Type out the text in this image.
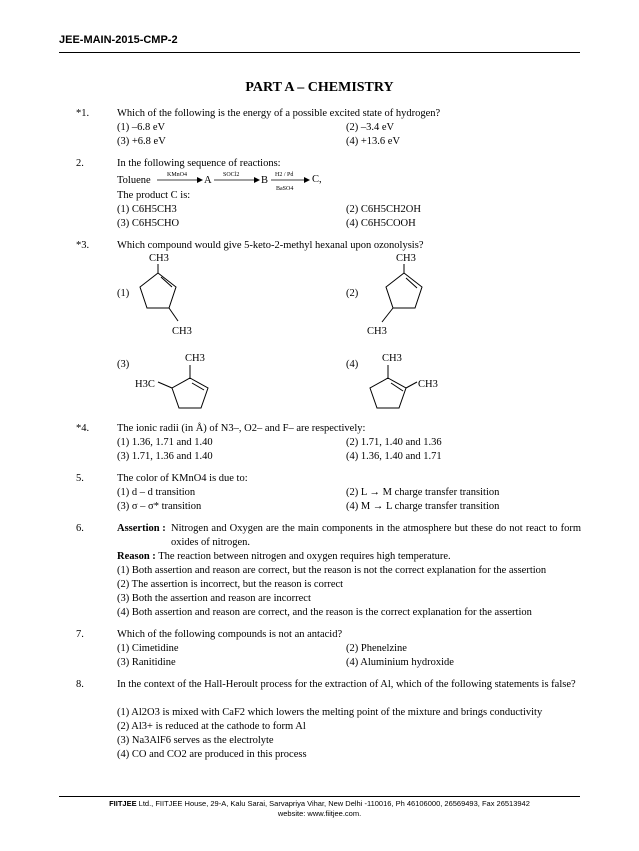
JEE-MAIN-2015-CMP-2
PART A – CHEMISTRY
*1.	Which of the following is the energy of a possible excited state of hydrogen?
(1) –6.8 eV	(2) –3.4 eV
(3) +6.8 eV	(4) +13.6 eV
2.	In the following sequence of reactions:
Toluene	KMnO4 A SOCl2 B H2 / Pd
BaSO4
C,
The product C is:
(1) C6H5CH3	(2) C6H5CH2OH
(3) C6H5CHO	(4) C6H5COOH
*3.	Which compound would give 5-keto-2-methyl hexanal upon ozonolysis?
(1)	(2)
(3)	(4)
CH3
CH3
CH3
CH3
CH3
H3C
CH3
CH3
*4.	The ionic radii (in Å) of N3–, O2– and F– are respectively:
(1) 1.36, 1.71 and 1.40	(2) 1.71, 1.40 and 1.36
(3) 1.71, 1.36 and 1.40	(4) 1.36, 1.40 and 1.71
5.	The color of KMnO4 is due to:
(1) d – d transition	(2) L → M charge transfer transition
(3) σ – σ* transition	(4) M → L charge transfer transition
6.	Assertion : Nitrogen and Oxygen are the main components in the atmosphere but these do not react to form oxides of nitrogen.
Reason : The reaction between nitrogen and oxygen requires high temperature.
(1) Both assertion and reason are correct, but the reason is not the correct explanation for the assertion
(2) The assertion is incorrect, but the reason is correct
(3) Both the assertion and reason are incorrect
(4) Both assertion and reason are correct, and the reason is the correct explanation for the assertion
7.	Which of the following compounds is not an antacid?
(1) Cimetidine	(2) Phenelzine
(3) Ranitidine	(4) Aluminium hydroxide
8.	In the context of the Hall-Heroult process for the extraction of Al, which of the following statements is false?
(1) Al2O3 is mixed with CaF2 which lowers the melting point of the mixture and brings conductivity
(2) Al3+ is reduced at the cathode to form Al
(3) Na3AlF6 serves as the electrolyte
(4) CO and CO2 are produced in this process
FIITJEE Ltd., FIITJEE House, 29-A, Kalu Sarai, Sarvapriya Vihar, New Delhi -110016, Ph 46106000, 26569493, Fax 26513942
website: www.fiitjee.com.
